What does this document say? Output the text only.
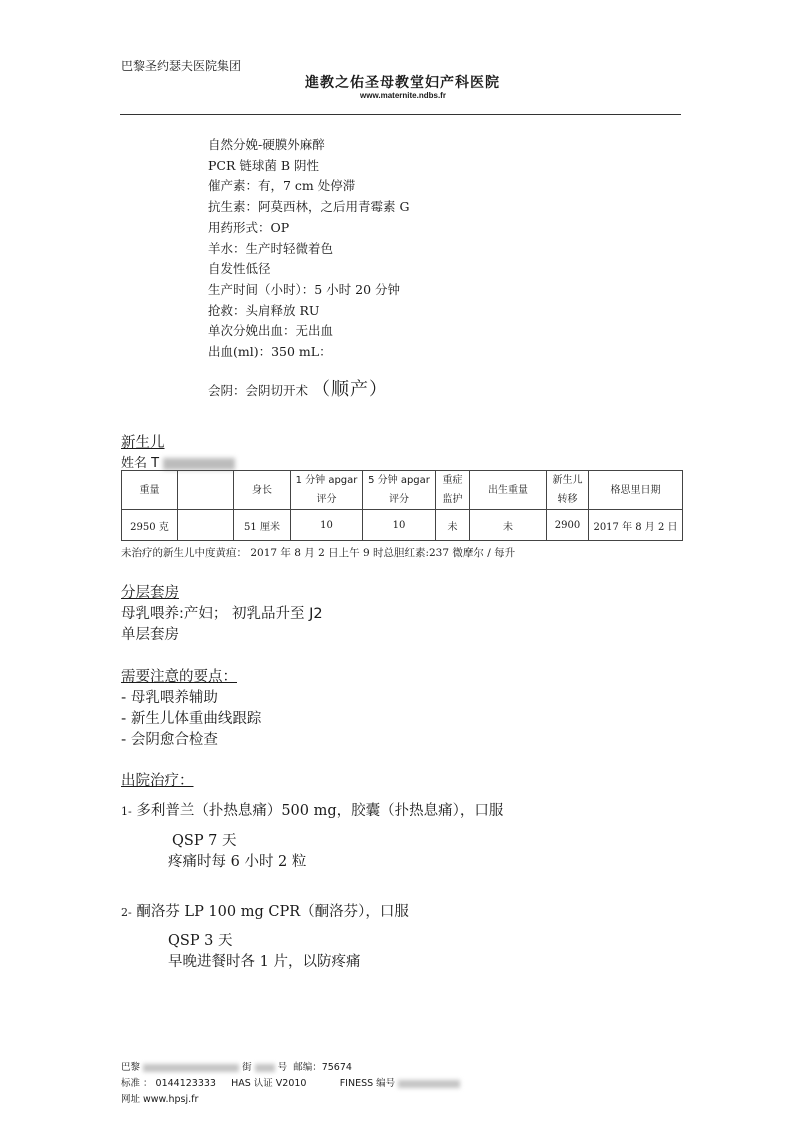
巴黎圣约瑟夫医院集团
進教之佑圣母教堂妇产科医院
www.maternite.ndbs.fr
自然分娩-硬膜外麻醉
PCR 链球菌 B 阴性
催产素：有，7 cm 处停滞
抗生素：阿莫西林，之后用青霉素 G
用药形式：OP
羊水：生产时轻微着色
自发性低径
生产时间（小时）：5 小时 20 分钟
抢救：头肩释放 RU
单次分娩出血：无出血
出血(ml)：350 mL：
会阴：会阴切开术 （顺产）
新生儿
姓名 T
重量		身长	1 分钟 apgar 评分	5 分钟 apgar 评分	重症 监护	出生重量	新生儿 转移	格思里日期
2950 克		51 厘米	10	10	未	未	2900	2017 年 8 月 2 日
未治疗的新生儿中度黄疸： 2017 年 8 月 2 日上午 9 时总胆红素:237 微摩尔 / 每升
分层套房
母乳喂养:产妇； 初乳品升至 J2
单层套房
需要注意的要点：
- 母乳喂养辅助
- 新生儿体重曲线跟踪
- 会阴愈合检查
出院治疗：
1- 多利普兰（扑热息痛）500 mg，胶囊（扑热息痛），口服
QSP 7 天
疼痛时每 6 小时 2 粒
2- 酮洛芬 LP 100 mg CPR（酮洛芬），口服
QSP 3 天
早晚进餐时各 1 片，以防疼痛
巴黎	街	号 邮编：75674
标准 ： 0144123333 HAS 认证 V2010	FINESS 编号
网址 www.hpsj.fr
